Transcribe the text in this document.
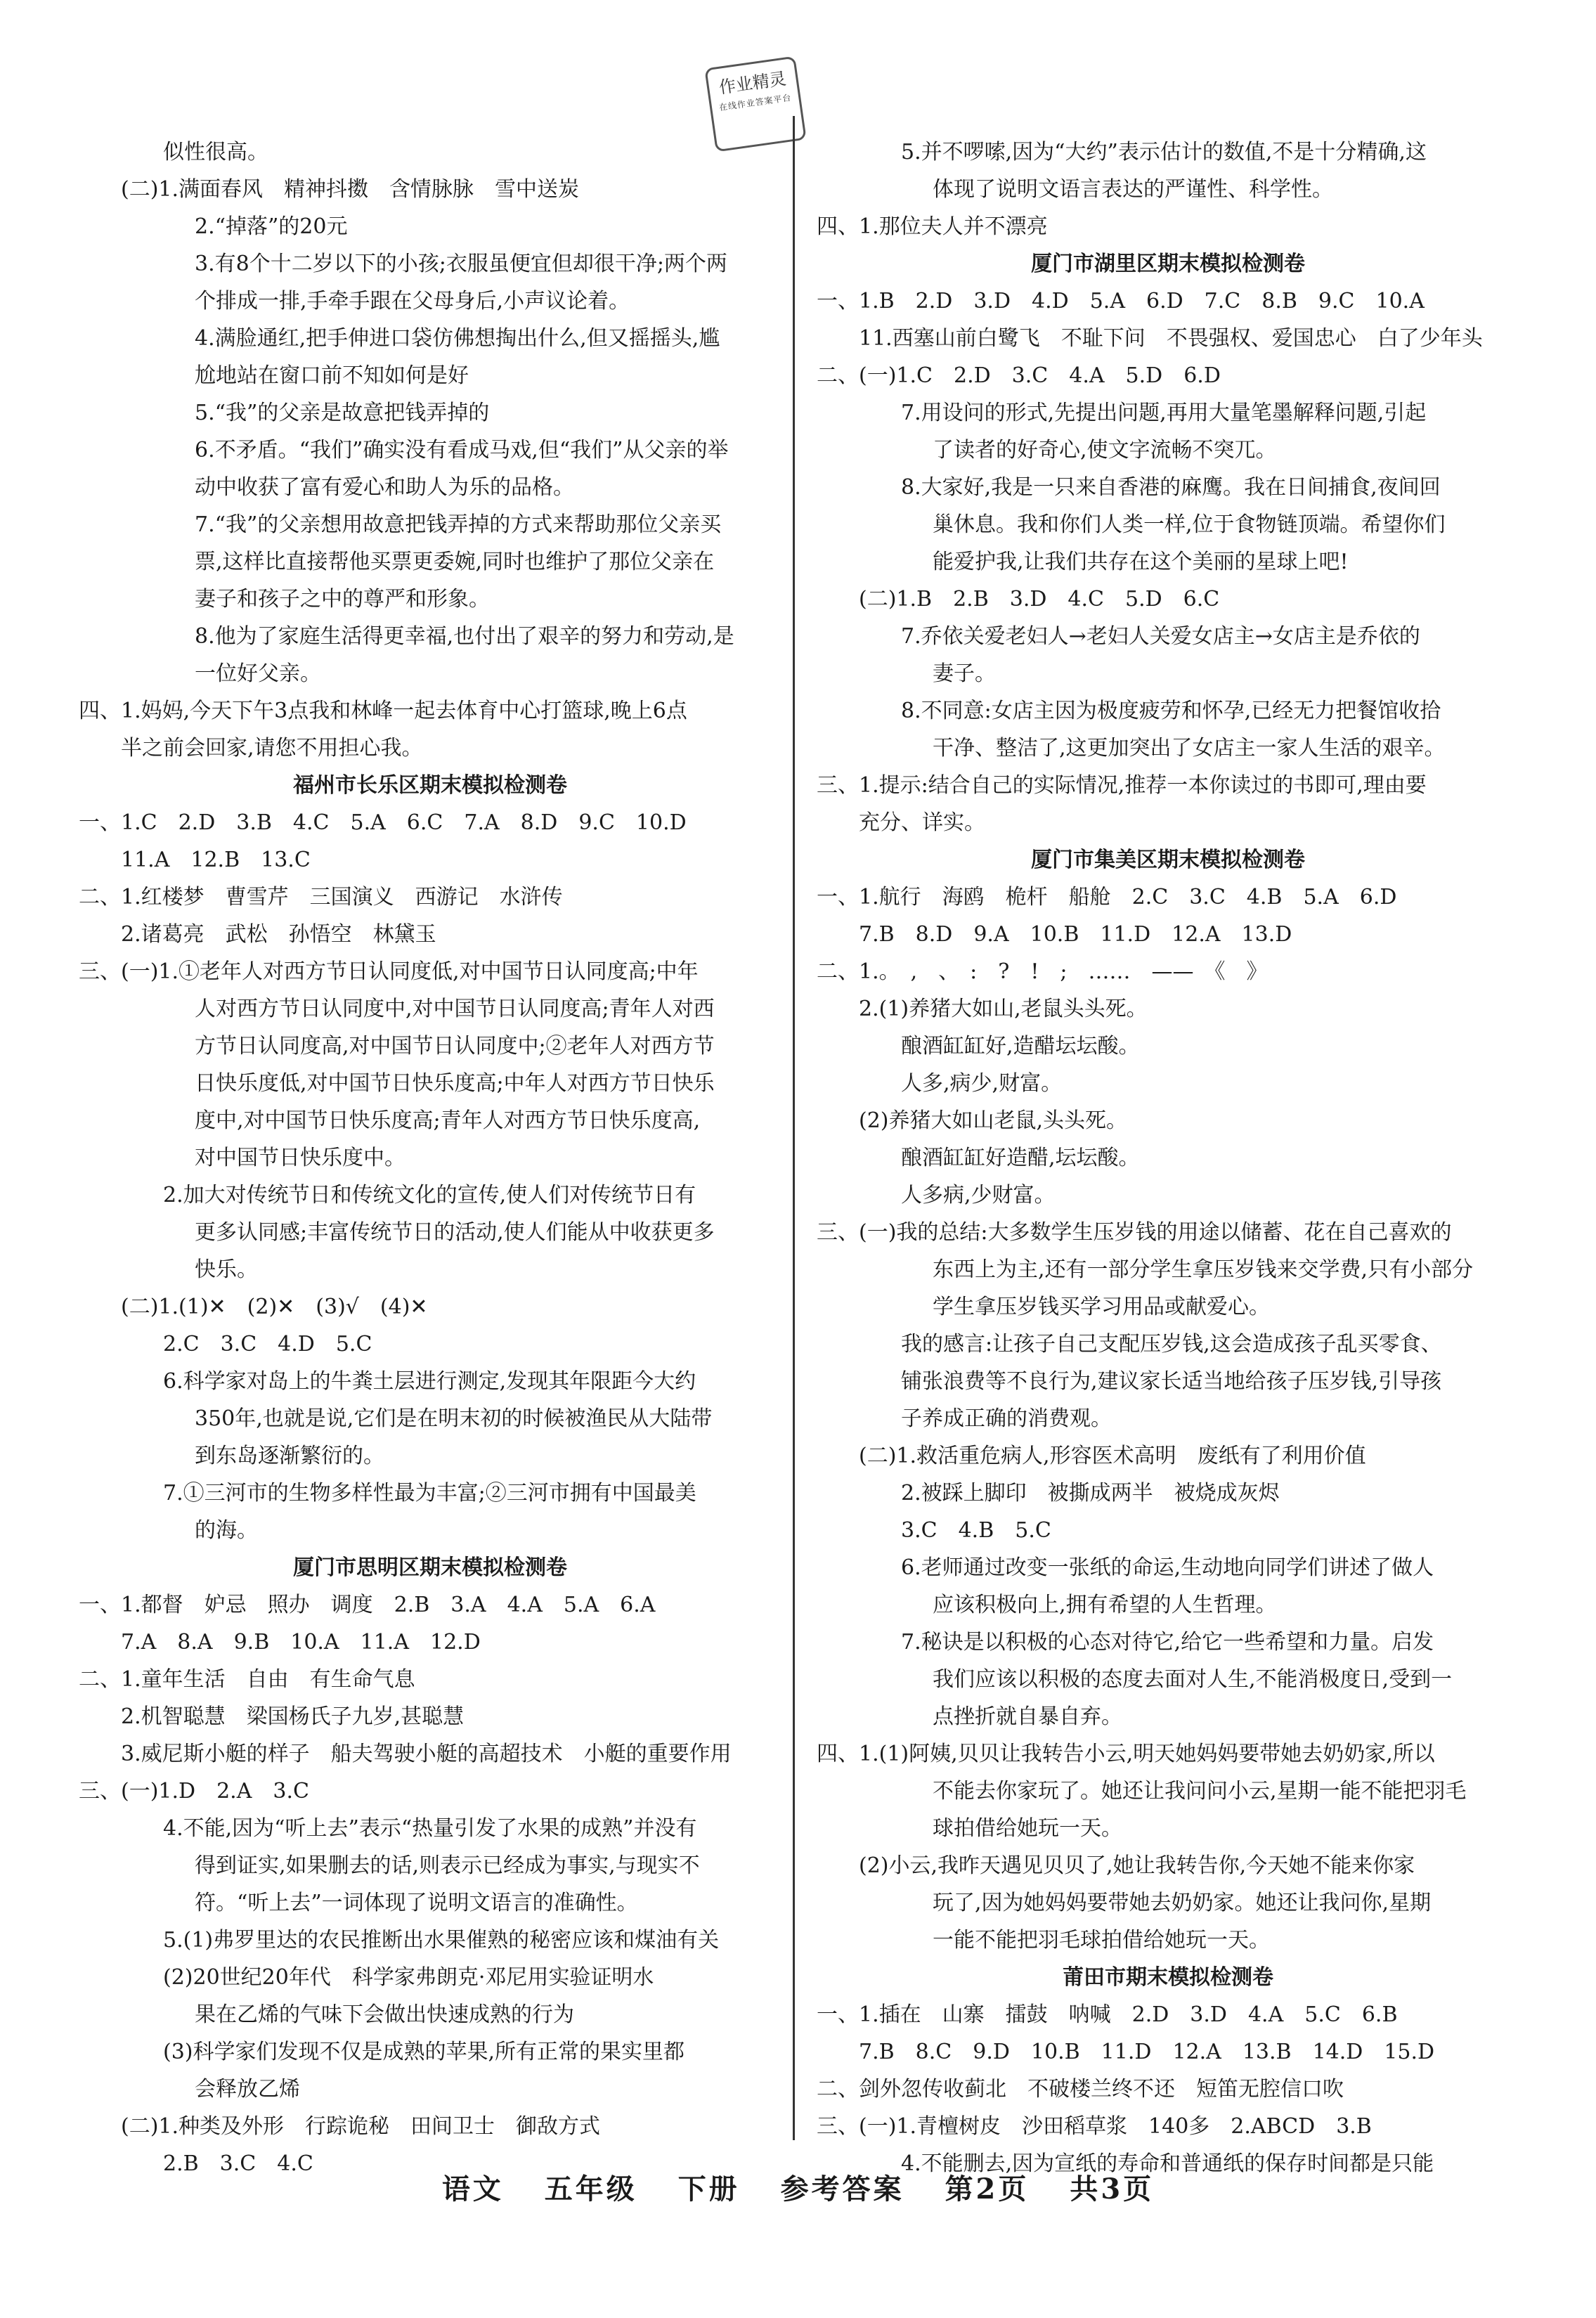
作业精灵
在线作业答案平台
似性很高。
(二)1.满面春风　精神抖擞　含情脉脉　雪中送炭
2.“掉落”的20元
3.有8个十二岁以下的小孩;衣服虽便宜但却很干净;两个两
个排成一排,手牵手跟在父母身后,小声议论着。
4.满脸通红,把手伸进口袋仿佛想掏出什么,但又摇摇头,尴
尬地站在窗口前不知如何是好
5.“我”的父亲是故意把钱弄掉的
6.不矛盾。“我们”确实没有看成马戏,但“我们”从父亲的举
动中收获了富有爱心和助人为乐的品格。
7.“我”的父亲想用故意把钱弄掉的方式来帮助那位父亲买
票,这样比直接帮他买票更委婉,同时也维护了那位父亲在
妻子和孩子之中的尊严和形象。
8.他为了家庭生活得更幸福,也付出了艰辛的努力和劳动,是
一位好父亲。
四、1.妈妈,今天下午3点我和林峰一起去体育中心打篮球,晚上6点
半之前会回家,请您不用担心我。
福州市长乐区期末模拟检测卷
一、1.C　2.D　3.B　4.C　5.A　6.C　7.A　8.D　9.C　10.D
11.A　12.B　13.C
二、1.红楼梦　曹雪芹　三国演义　西游记　水浒传
2.诸葛亮　武松　孙悟空　林黛玉
三、(一)1.①老年人对西方节日认同度低,对中国节日认同度高;中年
人对西方节日认同度中,对中国节日认同度高;青年人对西
方节日认同度高,对中国节日认同度中;②老年人对西方节
日快乐度低,对中国节日快乐度高;中年人对西方节日快乐
度中,对中国节日快乐度高;青年人对西方节日快乐度高,
对中国节日快乐度中。
2.加大对传统节日和传统文化的宣传,使人们对传统节日有
更多认同感;丰富传统节日的活动,使人们能从中收获更多
快乐。
(二)1.(1)✕　(2)✕　(3)√　(4)✕
2.C　3.C　4.D　5.C
6.科学家对岛上的牛粪土层进行测定,发现其年限距今大约
350年,也就是说,它们是在明末初的时候被渔民从大陆带
到东岛逐渐繁衍的。
7.①三河市的生物多样性最为丰富;②三河市拥有中国最美
的海。
厦门市思明区期末模拟检测卷
一、1.都督　妒忌　照办　调度　2.B　3.A　4.A　5.A　6.A
7.A　8.A　9.B　10.A　11.A　12.D
二、1.童年生活　自由　有生命气息
2.机智聪慧　梁国杨氏子九岁,甚聪慧
3.威尼斯小艇的样子　船夫驾驶小艇的高超技术　小艇的重要作用
三、(一)1.D　2.A　3.C
4.不能,因为“听上去”表示“热量引发了水果的成熟”并没有
得到证实,如果删去的话,则表示已经成为事实,与现实不
符。“听上去”一词体现了说明文语言的准确性。
5.(1)弗罗里达的农民推断出水果催熟的秘密应该和煤油有关
(2)20世纪20年代　科学家弗朗克·邓尼用实验证明水
果在乙烯的气味下会做出快速成熟的行为
(3)科学家们发现不仅是成熟的苹果,所有正常的果实里都
会释放乙烯
(二)1.种类及外形　行踪诡秘　田间卫士　御敌方式
2.B　3.C　4.C
5.并不啰嗦,因为“大约”表示估计的数值,不是十分精确,这
体现了说明文语言表达的严谨性、科学性。
四、1.那位夫人并不漂亮
厦门市湖里区期末模拟检测卷
一、1.B　2.D　3.D　4.D　5.A　6.D　7.C　8.B　9.C　10.A
11.西塞山前白鹭飞　不耻下问　不畏强权、爱国忠心　白了少年头
二、(一)1.C　2.D　3.C　4.A　5.D　6.D
7.用设问的形式,先提出问题,再用大量笔墨解释问题,引起
了读者的好奇心,使文字流畅不突兀。
8.大家好,我是一只来自香港的麻鹰。我在日间捕食,夜间回
巢休息。我和你们人类一样,位于食物链顶端。希望你们
能爱护我,让我们共存在这个美丽的星球上吧!
(二)1.B　2.B　3.D　4.C　5.D　6.C
7.乔依关爱老妇人→老妇人关爱女店主→女店主是乔依的
妻子。
8.不同意:女店主因为极度疲劳和怀孕,已经无力把餐馆收拾
干净、整洁了,这更加突出了女店主一家人生活的艰辛。
三、1.提示:结合自己的实际情况,推荐一本你读过的书即可,理由要
充分、详实。
厦门市集美区期末模拟检测卷
一、1.航行　海鸥　桅杆　船舱　2.C　3.C　4.B　5.A　6.D
7.B　8.D　9.A　10.B　11.D　12.A　13.D
二、1.。　,　、　:　?　!　;　……　——　《　》
2.(1)养猪大如山,老鼠头头死。
酿酒缸缸好,造醋坛坛酸。
人多,病少,财富。
(2)养猪大如山老鼠,头头死。
酿酒缸缸好造醋,坛坛酸。
人多病,少财富。
三、(一)我的总结:大多数学生压岁钱的用途以储蓄、花在自己喜欢的
东西上为主,还有一部分学生拿压岁钱来交学费,只有小部分
学生拿压岁钱买学习用品或献爱心。
我的感言:让孩子自己支配压岁钱,这会造成孩子乱买零食、
铺张浪费等不良行为,建议家长适当地给孩子压岁钱,引导孩
子养成正确的消费观。
(二)1.救活重危病人,形容医术高明　废纸有了利用价值
2.被踩上脚印　被撕成两半　被烧成灰烬
3.C　4.B　5.C
6.老师通过改变一张纸的命运,生动地向同学们讲述了做人
应该积极向上,拥有希望的人生哲理。
7.秘诀是以积极的心态对待它,给它一些希望和力量。启发
我们应该以积极的态度去面对人生,不能消极度日,受到一
点挫折就自暴自弃。
四、1.(1)阿姨,贝贝让我转告小云,明天她妈妈要带她去奶奶家,所以
不能去你家玩了。她还让我问问小云,星期一能不能把羽毛
球拍借给她玩一天。
(2)小云,我昨天遇见贝贝了,她让我转告你,今天她不能来你家
玩了,因为她妈妈要带她去奶奶家。她还让我问你,星期
一能不能把羽毛球拍借给她玩一天。
莆田市期末模拟检测卷
一、1.插在　山寨　擂鼓　呐喊　2.D　3.D　4.A　5.C　6.B
7.B　8.C　9.D　10.B　11.D　12.A　13.B　14.D　15.D
二、剑外忽传收蓟北　不破楼兰终不还　短笛无腔信口吹
三、(一)1.青檀树皮　沙田稻草浆　140多　2.ABCD　3.B
4.不能删去,因为宣纸的寿命和普通纸的保存时间都是只能
语文 五年级 下册 参考答案 第2页 共3页
